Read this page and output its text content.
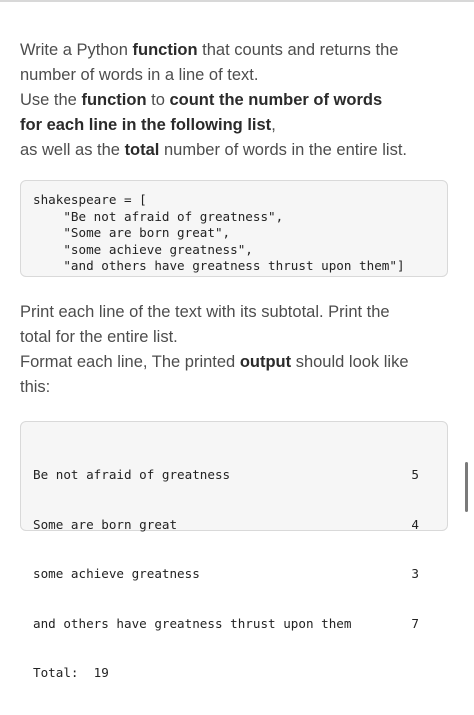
Write a Python function that counts and returns the
number of words in a line of text.
Use the function to count the number of words
for each line in the following list,
as well as the total number of words in the entire list.

shakespeare = [
"Be not afraid of greatness",
"Some are born great",
"some achieve greatness",
"and others have greatness thrust upon them"]

Print each line of the text with its subtotal. Print the
total for the entire list.
Format each line, The printed output should look like
this:

Be not afraid of greatness	5

Some are born great	4

some achieve greatness	3

and others have greatness thrust upon them	7

Total: 19
